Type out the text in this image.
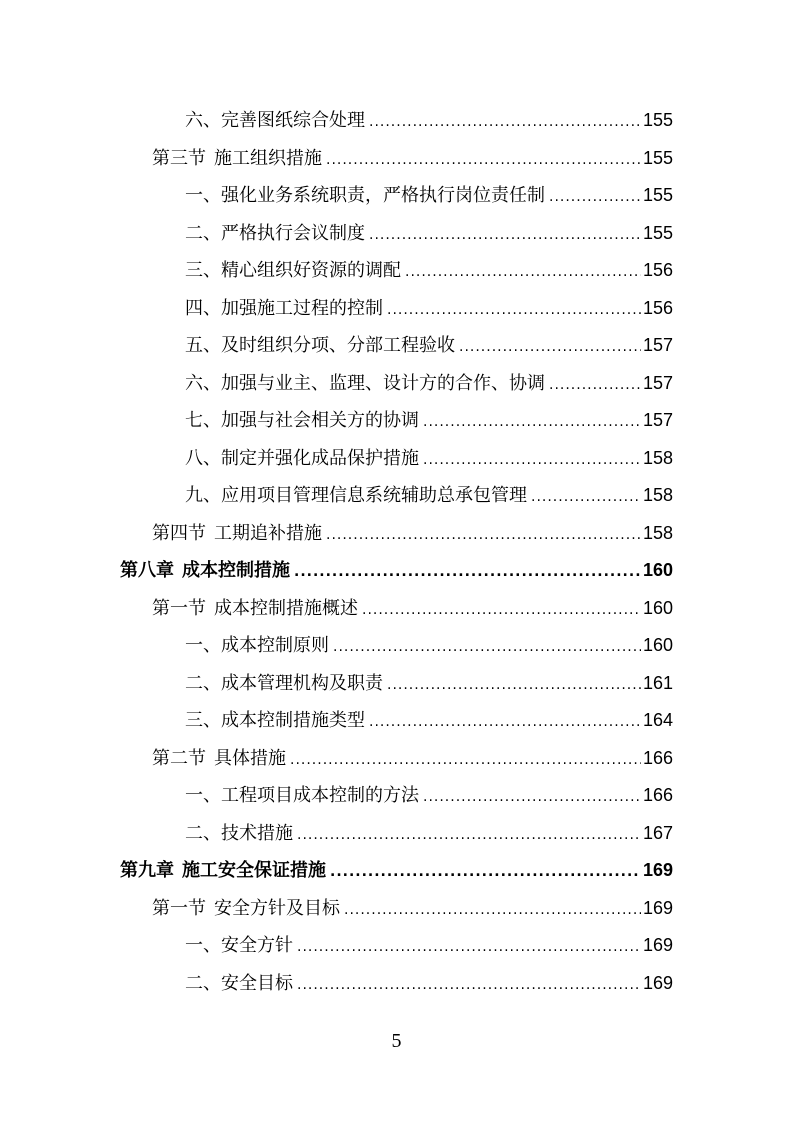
六、完善图纸综合处理 .....	155
第三节 施工组织措施 .....	155
一、强化业务系统职责，严格执行岗位责任制 .....	155
二、严格执行会议制度 .....	155
三、精心组织好资源的调配 .....	156
四、加强施工过程的控制 .....	156
五、及时组织分项、分部工程验收 .....	157
六、加强与业主、监理、设计方的合作、协调 .....	157
七、加强与社会相关方的协调 .....	157
八、制定并强化成品保护措施 .....	158
九、应用项目管理信息系统辅助总承包管理 .....	158
第四节 工期追补措施 .....	158
第八章 成本控制措施 .....	160
第一节 成本控制措施概述 .....	160
一、成本控制原则 .....	160
二、成本管理机构及职责 .....	161
三、成本控制措施类型 .....	164
第二节 具体措施 .....	166
一、工程项目成本控制的方法 .....	166
二、技术措施 .....	167
第九章 施工安全保证措施 .....	169
第一节 安全方针及目标 .....	169
一、安全方针 .....	169
二、安全目标 .....	169
5
